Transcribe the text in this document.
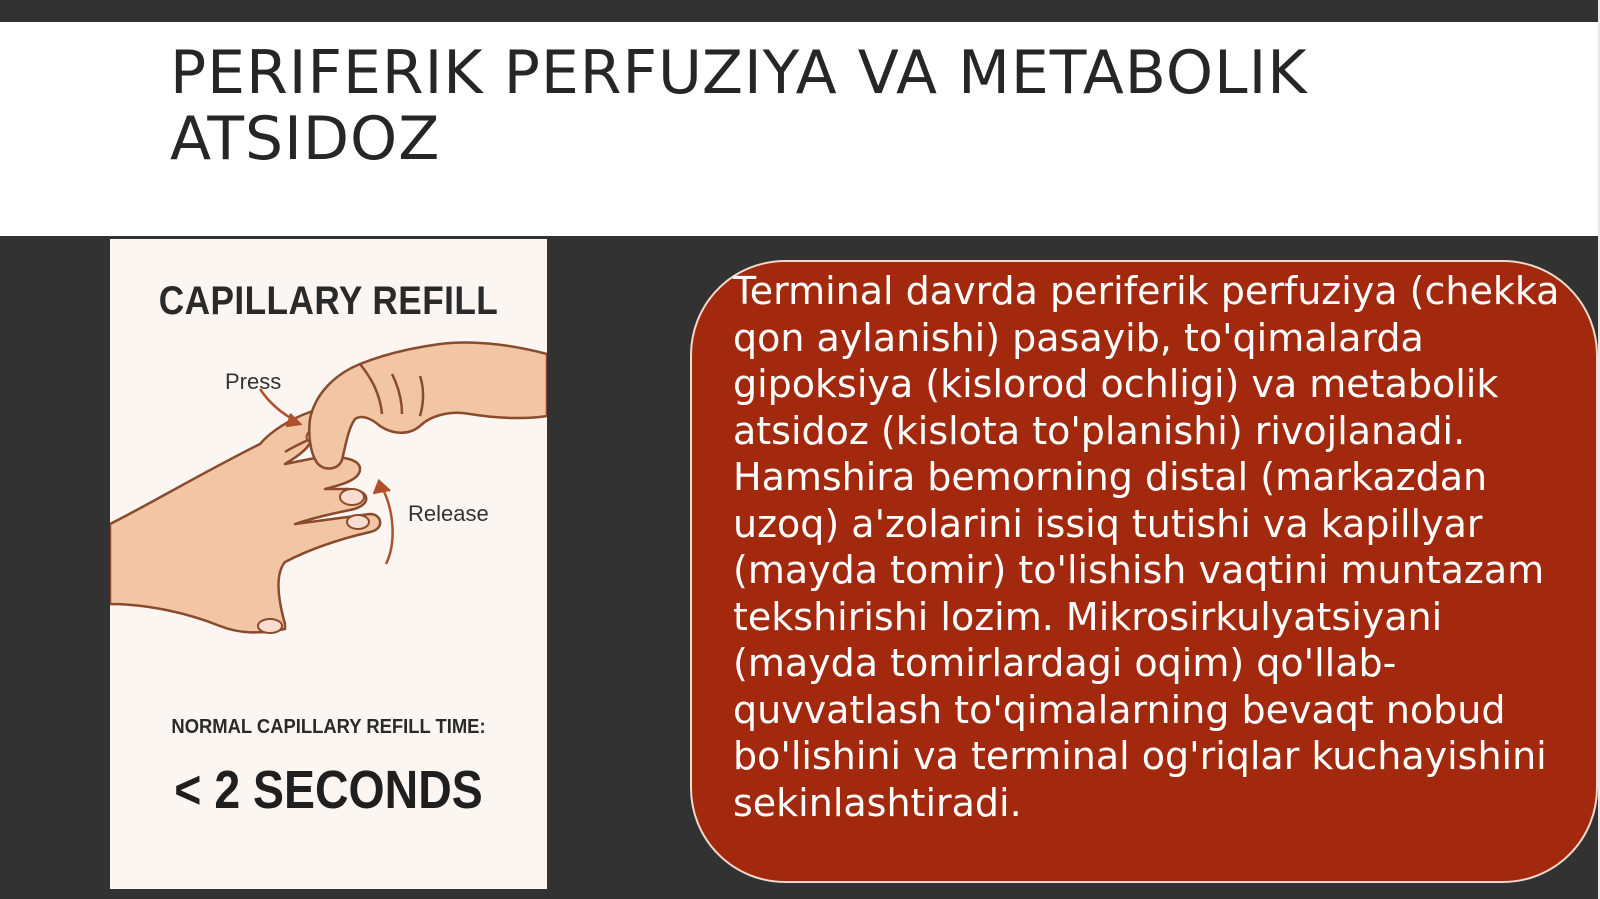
PERIFERIK PERFUZIYA VA METABOLIK ATSIDOZ
CAPILLARY REFILL
Press
Release
NORMAL CAPILLARY REFILL TIME:
< 2 SECONDS

Terminal davrda periferik perfuziya (chekka qon aylanishi) pasayib, to'qimalarda gipoksiya (kislorod ochligi) va metabolik atsidoz (kislota to'planishi) rivojlanadi. Hamshira bemorning distal (markazdan uzoq) a'zolarini issiq tutishi va kapillyar (mayda tomir) to'lishish vaqtini muntazam tekshirishi lozim. Mikrosirkulyatsiyani (mayda tomirlardagi oqim) qo'llab-quvvatlash to'qimalarning bevaqt nobud bo'lishini va terminal og'riqlar kuchayishini sekinlashtiradi.
